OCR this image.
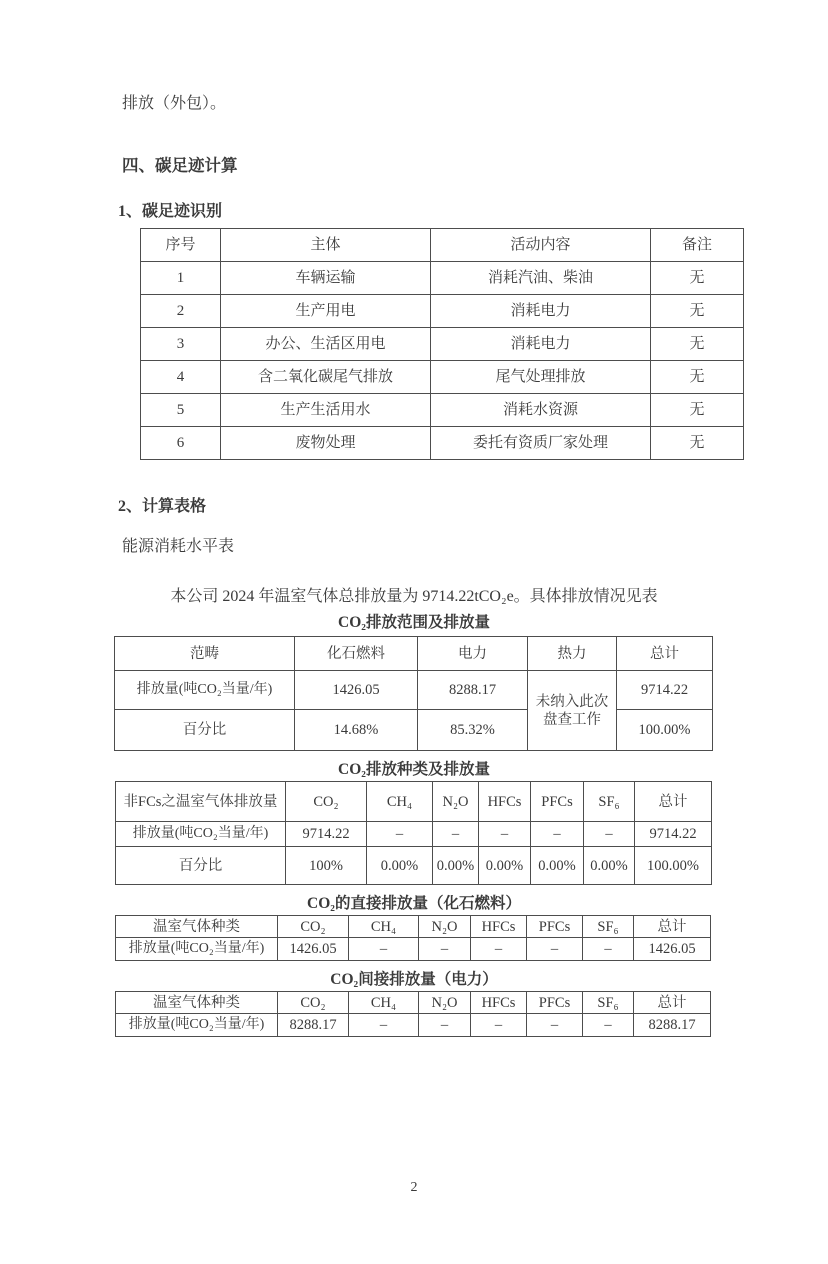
排放（外包）。

四、碳足迹计算
1、碳足迹识别
序号	主体	活动内容	备注
1	车辆运输	消耗汽油、柴油	无
2	生产用电	消耗电力	无
3	办公、生活区用电	消耗电力	无
4	含二氧化碳尾气排放	尾气处理排放	无
5	生产生活用水	消耗水资源	无
6	废物处理	委托有资质厂家处理	无
2、计算表格

能源消耗水平表

本公司 2024 年温室气体总排放量为 9714.22tCO₂e。具体排放情况见表

CO₂排放范围及排放量

范畴	化石燃料	电力	热力	总计
排放量(吨CO₂当量/年)	1426.05	8288.17	未纳入此次盘查工作	9714.22
百分比	14.68%	85.32%		100.00%

CO₂排放种类及排放量

非FCs之温室气体排放量	CO₂	CH₄	N₂O	HFCs	PFCs	SF₆	总计
排放量(吨CO₂当量/年)	9714.22	–	–	–	–	–	9714.22
百分比	100%	0.00%	0.00%	0.00%	0.00%	0.00%	100.00%

CO₂的直接排放量（化石燃料）

温室气体种类	CO₂	CH₄	N₂O	HFCs	PFCs	SF₆	总计
排放量(吨CO₂当量/年)	1426.05	–	–	–	–	–	1426.05

CO₂间接排放量（电力）

温室气体种类	CO₂	CH₄	N₂O	HFCs	PFCs	SF₆	总计
排放量(吨CO₂当量/年)	8288.17	–	–	–	–	–	8288.17
2
